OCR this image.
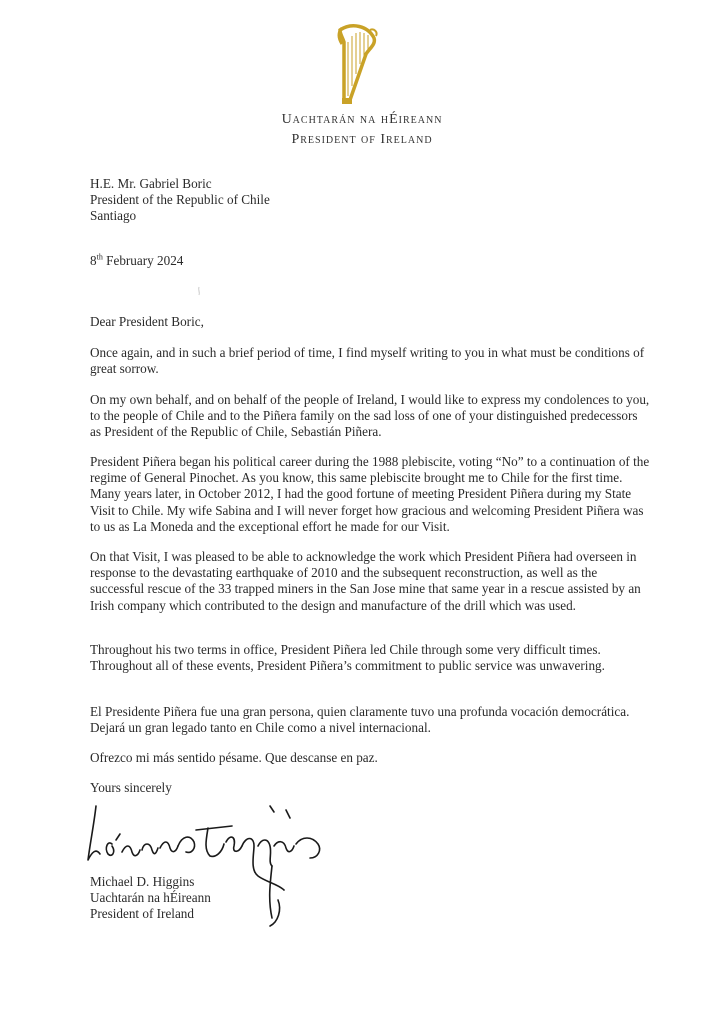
Uachtarán na hÉireann
President of Ireland

H.E. Mr. Gabriel Boric

President of the Republic of Chile

Santiago

8th February 2024
Dear President Boric,
Once again, and in such a brief period of time, I find myself writing to you in what must be conditions of great sorrow.
On my own behalf, and on behalf of the people of Ireland, I would like to express my condolences to you, to the people of Chile and to the Piñera family on the sad loss of one of your distinguished predecessors as President of the Republic of Chile, Sebastián Piñera.
President Piñera began his political career during the 1988 plebiscite, voting “No” to a continuation of the regime of General Pinochet. As you know, this same plebiscite brought me to Chile for the first time. Many years later, in October 2012, I had the good fortune of meeting President Piñera during my State Visit to Chile. My wife Sabina and I will never forget how gracious and welcoming President Piñera was to us as La Moneda and the exceptional effort he made for our Visit.
On that Visit, I was pleased to be able to acknowledge the work which President Piñera had overseen in response to the devastating earthquake of 2010 and the subsequent reconstruction, as well as the successful rescue of the 33 trapped miners in the San Jose mine that same year in a rescue assisted by an Irish company which contributed to the design and manufacture of the drill which was used.
Throughout his two terms in office, President Piñera led Chile through some very difficult times. Throughout all of these events, President Piñera’s commitment to public service was unwavering.
El Presidente Piñera fue una gran persona, quien claramente tuvo una profunda vocación democrática. Dejará un gran legado tanto en Chile como a nivel internacional.
Ofrezco mi más sentido pésame. Que descanse en paz.
Yours sincerely

Michael D. Higgins

Uachtarán na hÉireann

President of Ireland
